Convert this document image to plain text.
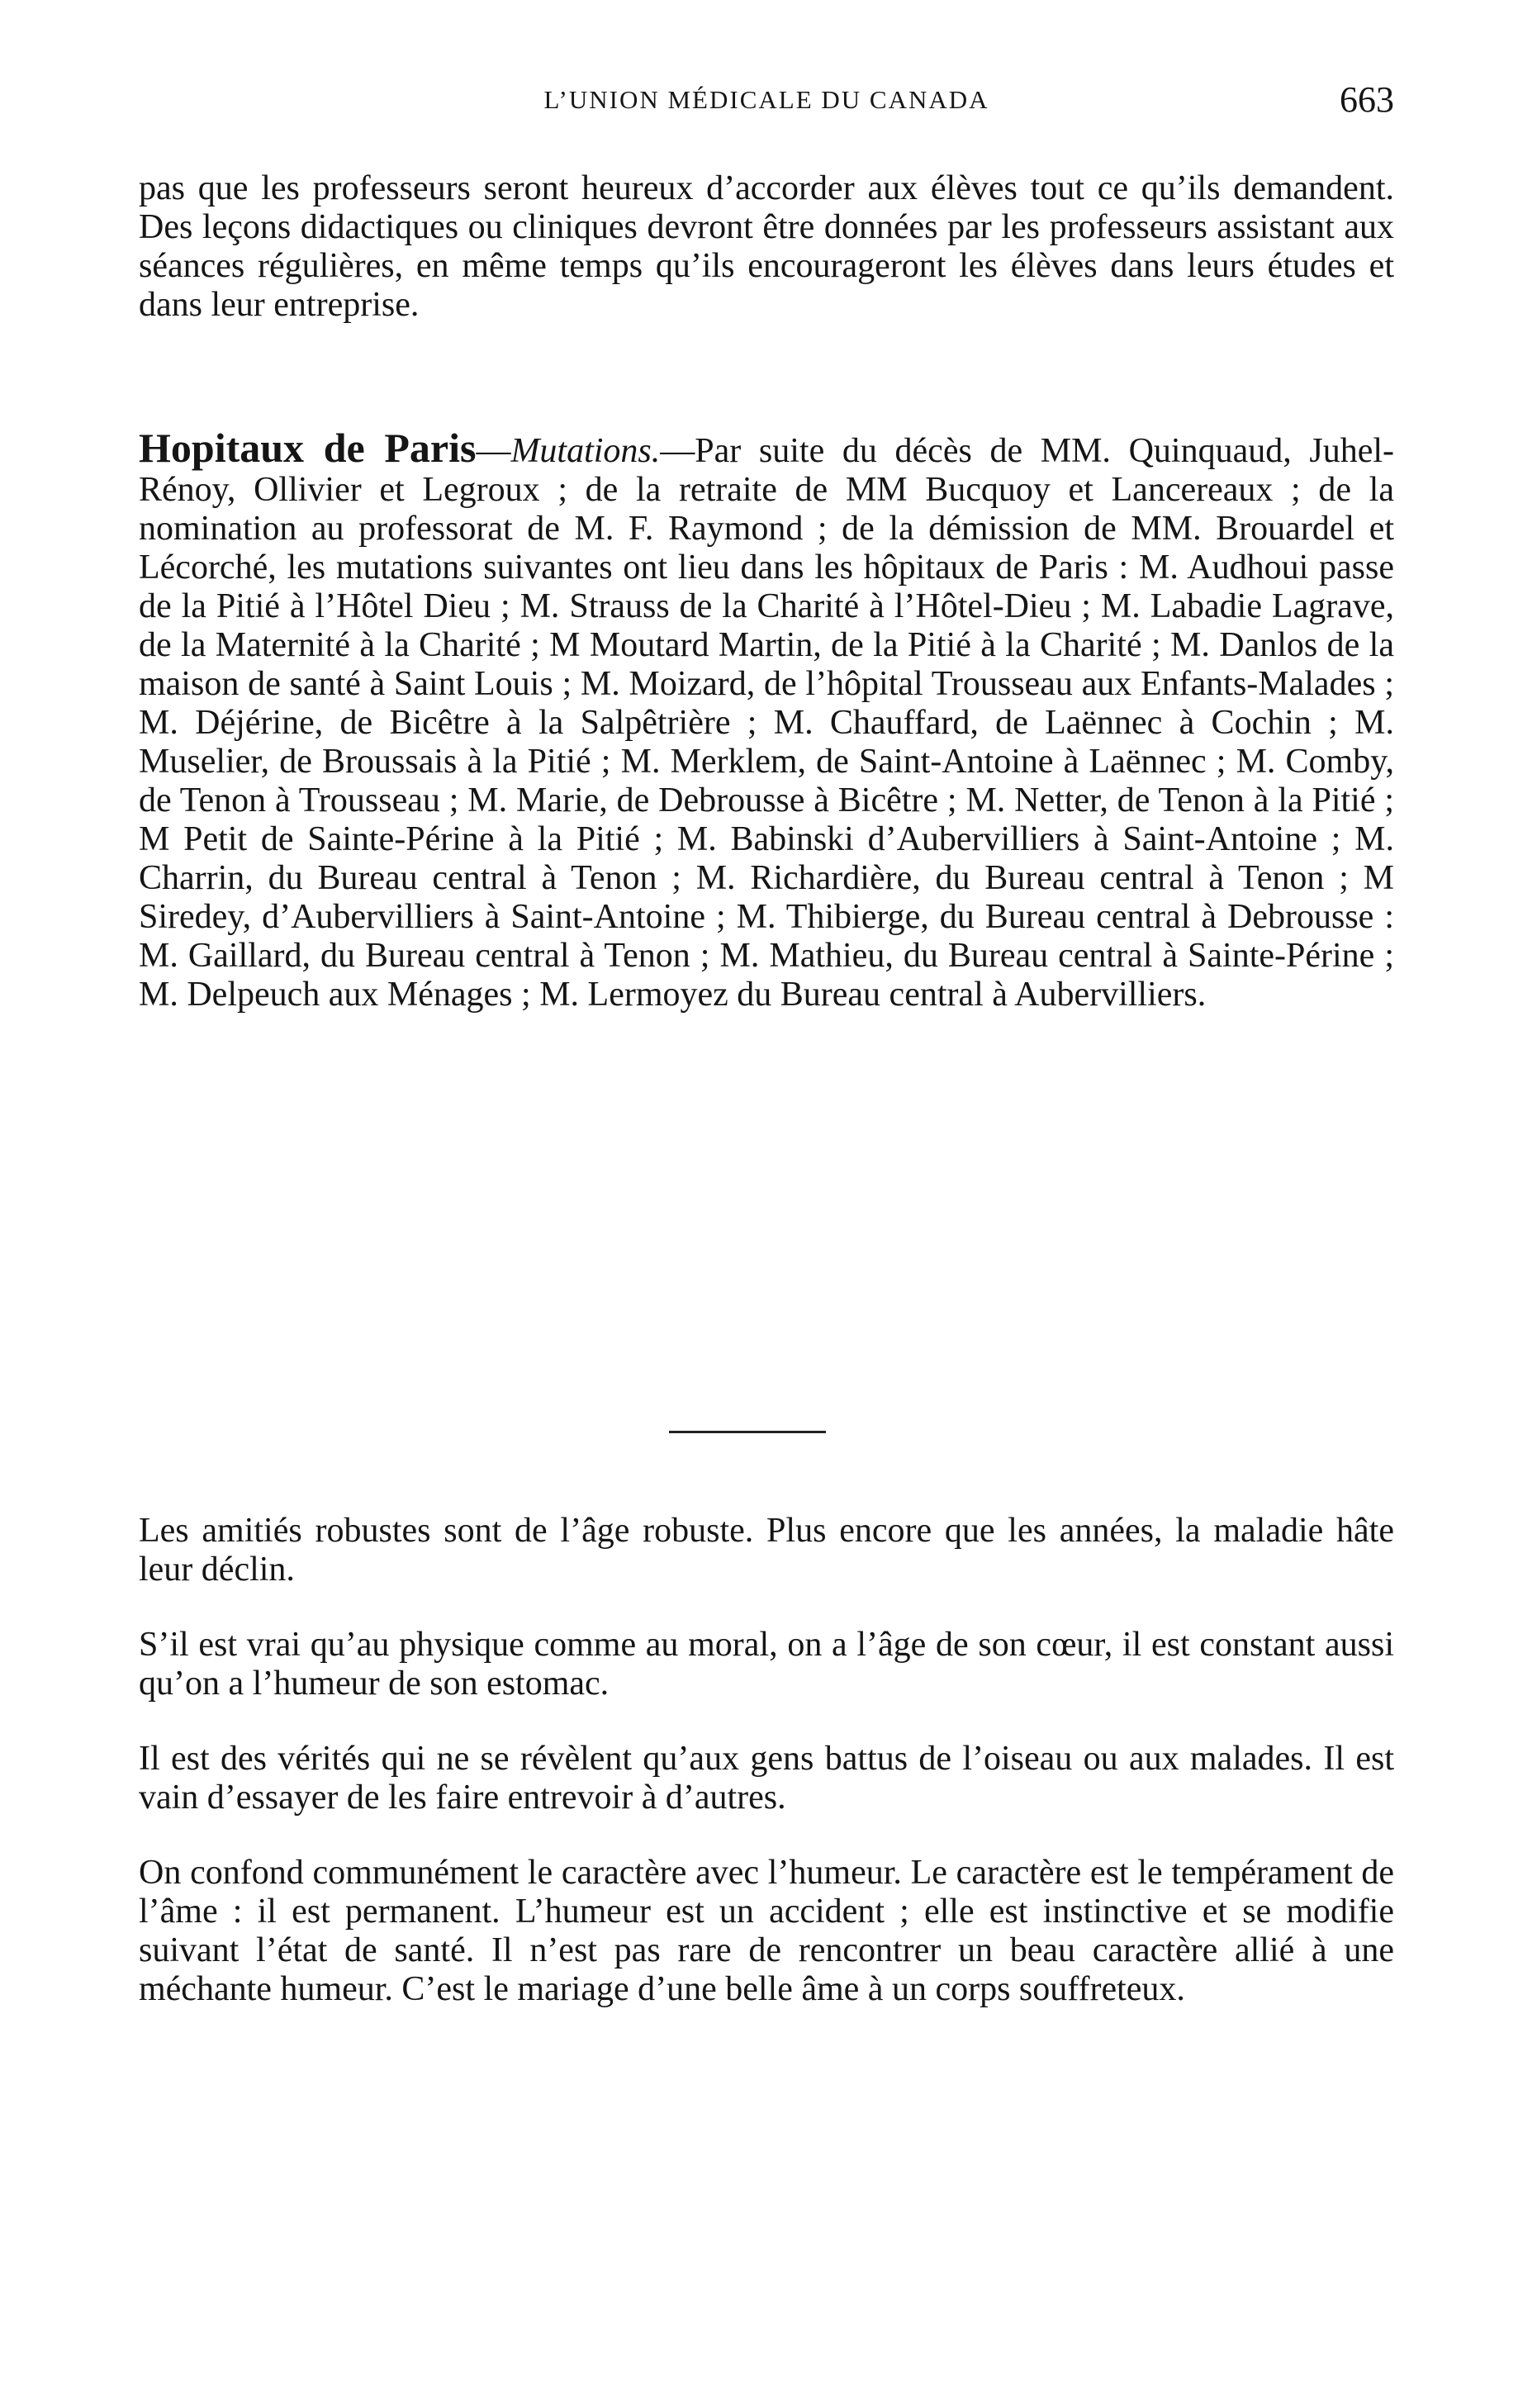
L’UNION MÉDICALE DU CANADA	663

pas que les professeurs seront heureux d’accorder aux élèves tout ce qu’ils demandent. Des leçons didactiques ou cliniques devront être données par les professeurs assistant aux séances régulières, en même temps qu’ils encourageront les élèves dans leurs études et dans leur entreprise.

Hopitaux de Paris—Mutations.—Par suite du décès de MM. Quinquaud, Juhel-Rénoy, Ollivier et Legroux ; de la retraite de MM Bucquoy et Lancereaux ; de la nomination au professorat de M. F. Raymond ; de la démission de MM. Brouardel et Lécorché, les mutations suivantes ont lieu dans les hôpitaux de Paris : M. Audhoui passe de la Pitié à l’Hôtel Dieu ; M. Strauss de la Charité à l’Hôtel-Dieu ; M. Labadie Lagrave, de la Maternité à la Charité ; M Moutard Martin, de la Pitié à la Charité ; M. Danlos de la maison de santé à Saint Louis ; M. Moizard, de l’hôpital Trousseau aux Enfants-Malades ; M. Déjérine, de Bicêtre à la Salpêtrière ; M. Chauffard, de Laënnec à Cochin ; M. Muselier, de Broussais à la Pitié ; M. Merklem, de Saint-Antoine à Laënnec ; M. Comby, de Tenon à Trousseau ; M. Marie, de Debrousse à Bicêtre ; M. Netter, de Tenon à la Pitié ; M Petit de Sainte-Périne à la Pitié ; M. Babinski d’Aubervilliers à Saint-Antoine ; M. Charrin, du Bureau central à Tenon ; M. Richardière, du Bureau central à Tenon ; M Siredey, d’Aubervilliers à Saint-Antoine ; M. Thibierge, du Bureau central à Debrousse : M. Gaillard, du Bureau central à Tenon ; M. Mathieu, du Bureau central à Sainte-Périne ; M. Delpeuch aux Ménages ; M. Lermoyez du Bureau central à Aubervilliers.

Les amitiés robustes sont de l’âge robuste. Plus encore que les années, la maladie hâte leur déclin.

S’il est vrai qu’au physique comme au moral, on a l’âge de son cœur, il est constant aussi qu’on a l’humeur de son estomac.

Il est des vérités qui ne se révèlent qu’aux gens battus de l’oiseau ou aux malades. Il est vain d’essayer de les faire entrevoir à d’autres.

On confond communément le caractère avec l’humeur. Le caractère est le tempérament de l’âme : il est permanent. L’humeur est un accident ; elle est instinctive et se modifie suivant l’état de santé. Il n’est pas rare de rencontrer un beau caractère allié à une méchante humeur. C’est le mariage d’une belle âme à un corps souffreteux.
